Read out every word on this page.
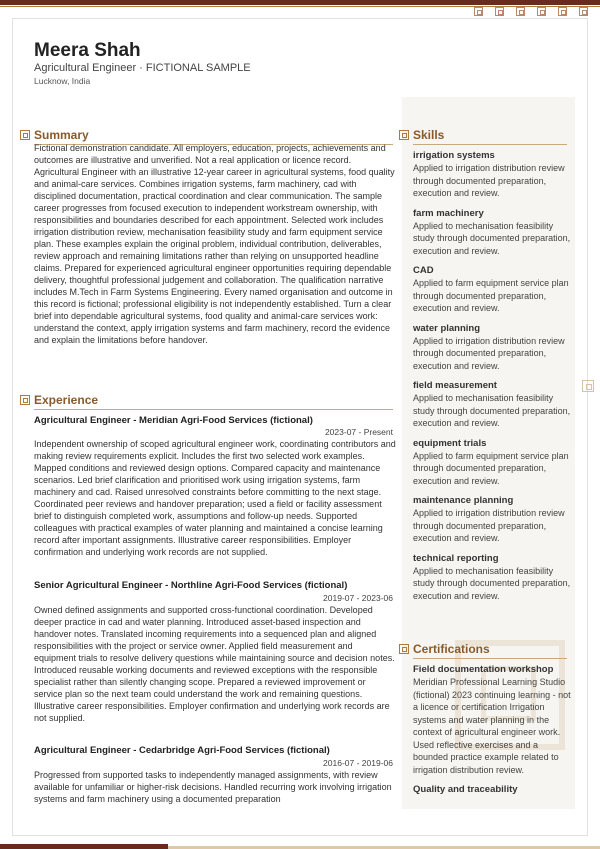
Meera Shah
Agricultural Engineer · FICTIONAL SAMPLE
Lucknow, India
Summary

Fictional demonstration candidate. All employers, education, projects, achievements and outcomes are illustrative and unverified. Not a real application or licence record. Agricultural Engineer with an illustrative 12-year career in agricultural systems, food quality and animal-care services. Combines irrigation systems, farm machinery, cad with disciplined documentation, practical coordination and clear communication. The sample career progresses from focused execution to independent workstream ownership, with responsibilities and boundaries described for each appointment. Selected work includes irrigation distribution review, mechanisation feasibility study and farm equipment service plan. These examples explain the original problem, individual contribution, deliverables, review approach and remaining limitations rather than relying on unsupported headline claims. Prepared for experienced agricultural engineer opportunities requiring dependable delivery, thoughtful professional judgement and collaboration. The qualification narrative includes M.Tech in Farm Systems Engineering. Every named organisation and outcome in this record is fictional; professional eligibility is not independently established. Turn a clear brief into dependable agricultural systems, food quality and animal-care services work: understand the context, apply irrigation systems and farm machinery, record the evidence and explain the limitations before handover.

Experience
Agricultural Engineer - Meridian Agri-Food Services (fictional)
2023-07 - Present

Independent ownership of scoped agricultural engineer work, coordinating contributors and making review requirements explicit. Includes the first two selected work examples. Mapped conditions and reviewed design options. Compared capacity and maintenance scenarios. Led brief clarification and prioritised work using irrigation systems, farm machinery and cad. Raised unresolved constraints before committing to the next stage. Coordinated peer reviews and handover preparation; used a field or facility assessment brief to distinguish completed work, assumptions and follow-up needs. Supported colleagues with practical examples of water planning and maintained a concise learning record after important assignments. Illustrative career responsibilities. Employer confirmation and underlying work records are not supplied.

Senior Agricultural Engineer - Northline Agri-Food Services (fictional)
2019-07 - 2023-06

Owned defined assignments and supported cross-functional coordination. Developed deeper practice in cad and water planning. Introduced asset-based inspection and handover notes. Translated incoming requirements into a sequenced plan and aligned responsibilities with the project or service owner. Applied field measurement and equipment trials to resolve delivery questions while maintaining source and decision notes. Introduced reusable working documents and reviewed exceptions with the responsible specialist rather than silently changing scope. Prepared a reviewed improvement or service plan so the next team could understand the work and remaining questions. Illustrative career responsibilities. Employer confirmation and underlying work records are not supplied.

Agricultural Engineer - Cedarbridge Agri-Food Services (fictional)
2016-07 - 2019-06

Progressed from supported tasks to independently managed assignments, with review available for unfamiliar or higher-risk decisions. Handled recurring work involving irrigation systems and farm machinery using a documented preparation

Skills
irrigation systems
Applied to irrigation distribution review through documented preparation, execution and review.
farm machinery
Applied to mechanisation feasibility study through documented preparation, execution and review.
CAD
Applied to farm equipment service plan through documented preparation, execution and review.
water planning
Applied to irrigation distribution review through documented preparation, execution and review.
field measurement
Applied to mechanisation feasibility study through documented preparation, execution and review.
equipment trials
Applied to farm equipment service plan through documented preparation, execution and review.
maintenance planning
Applied to irrigation distribution review through documented preparation, execution and review.
technical reporting
Applied to mechanisation feasibility study through documented preparation, execution and review.
Certifications
Field documentation workshop
Meridian Professional Learning Studio (fictional) 2023 continuing learning - not a licence or certification Irrigation systems and water planning in the context of agricultural engineer work. Used reflective exercises and a bounded practice example related to irrigation distribution review.
Quality and traceability
